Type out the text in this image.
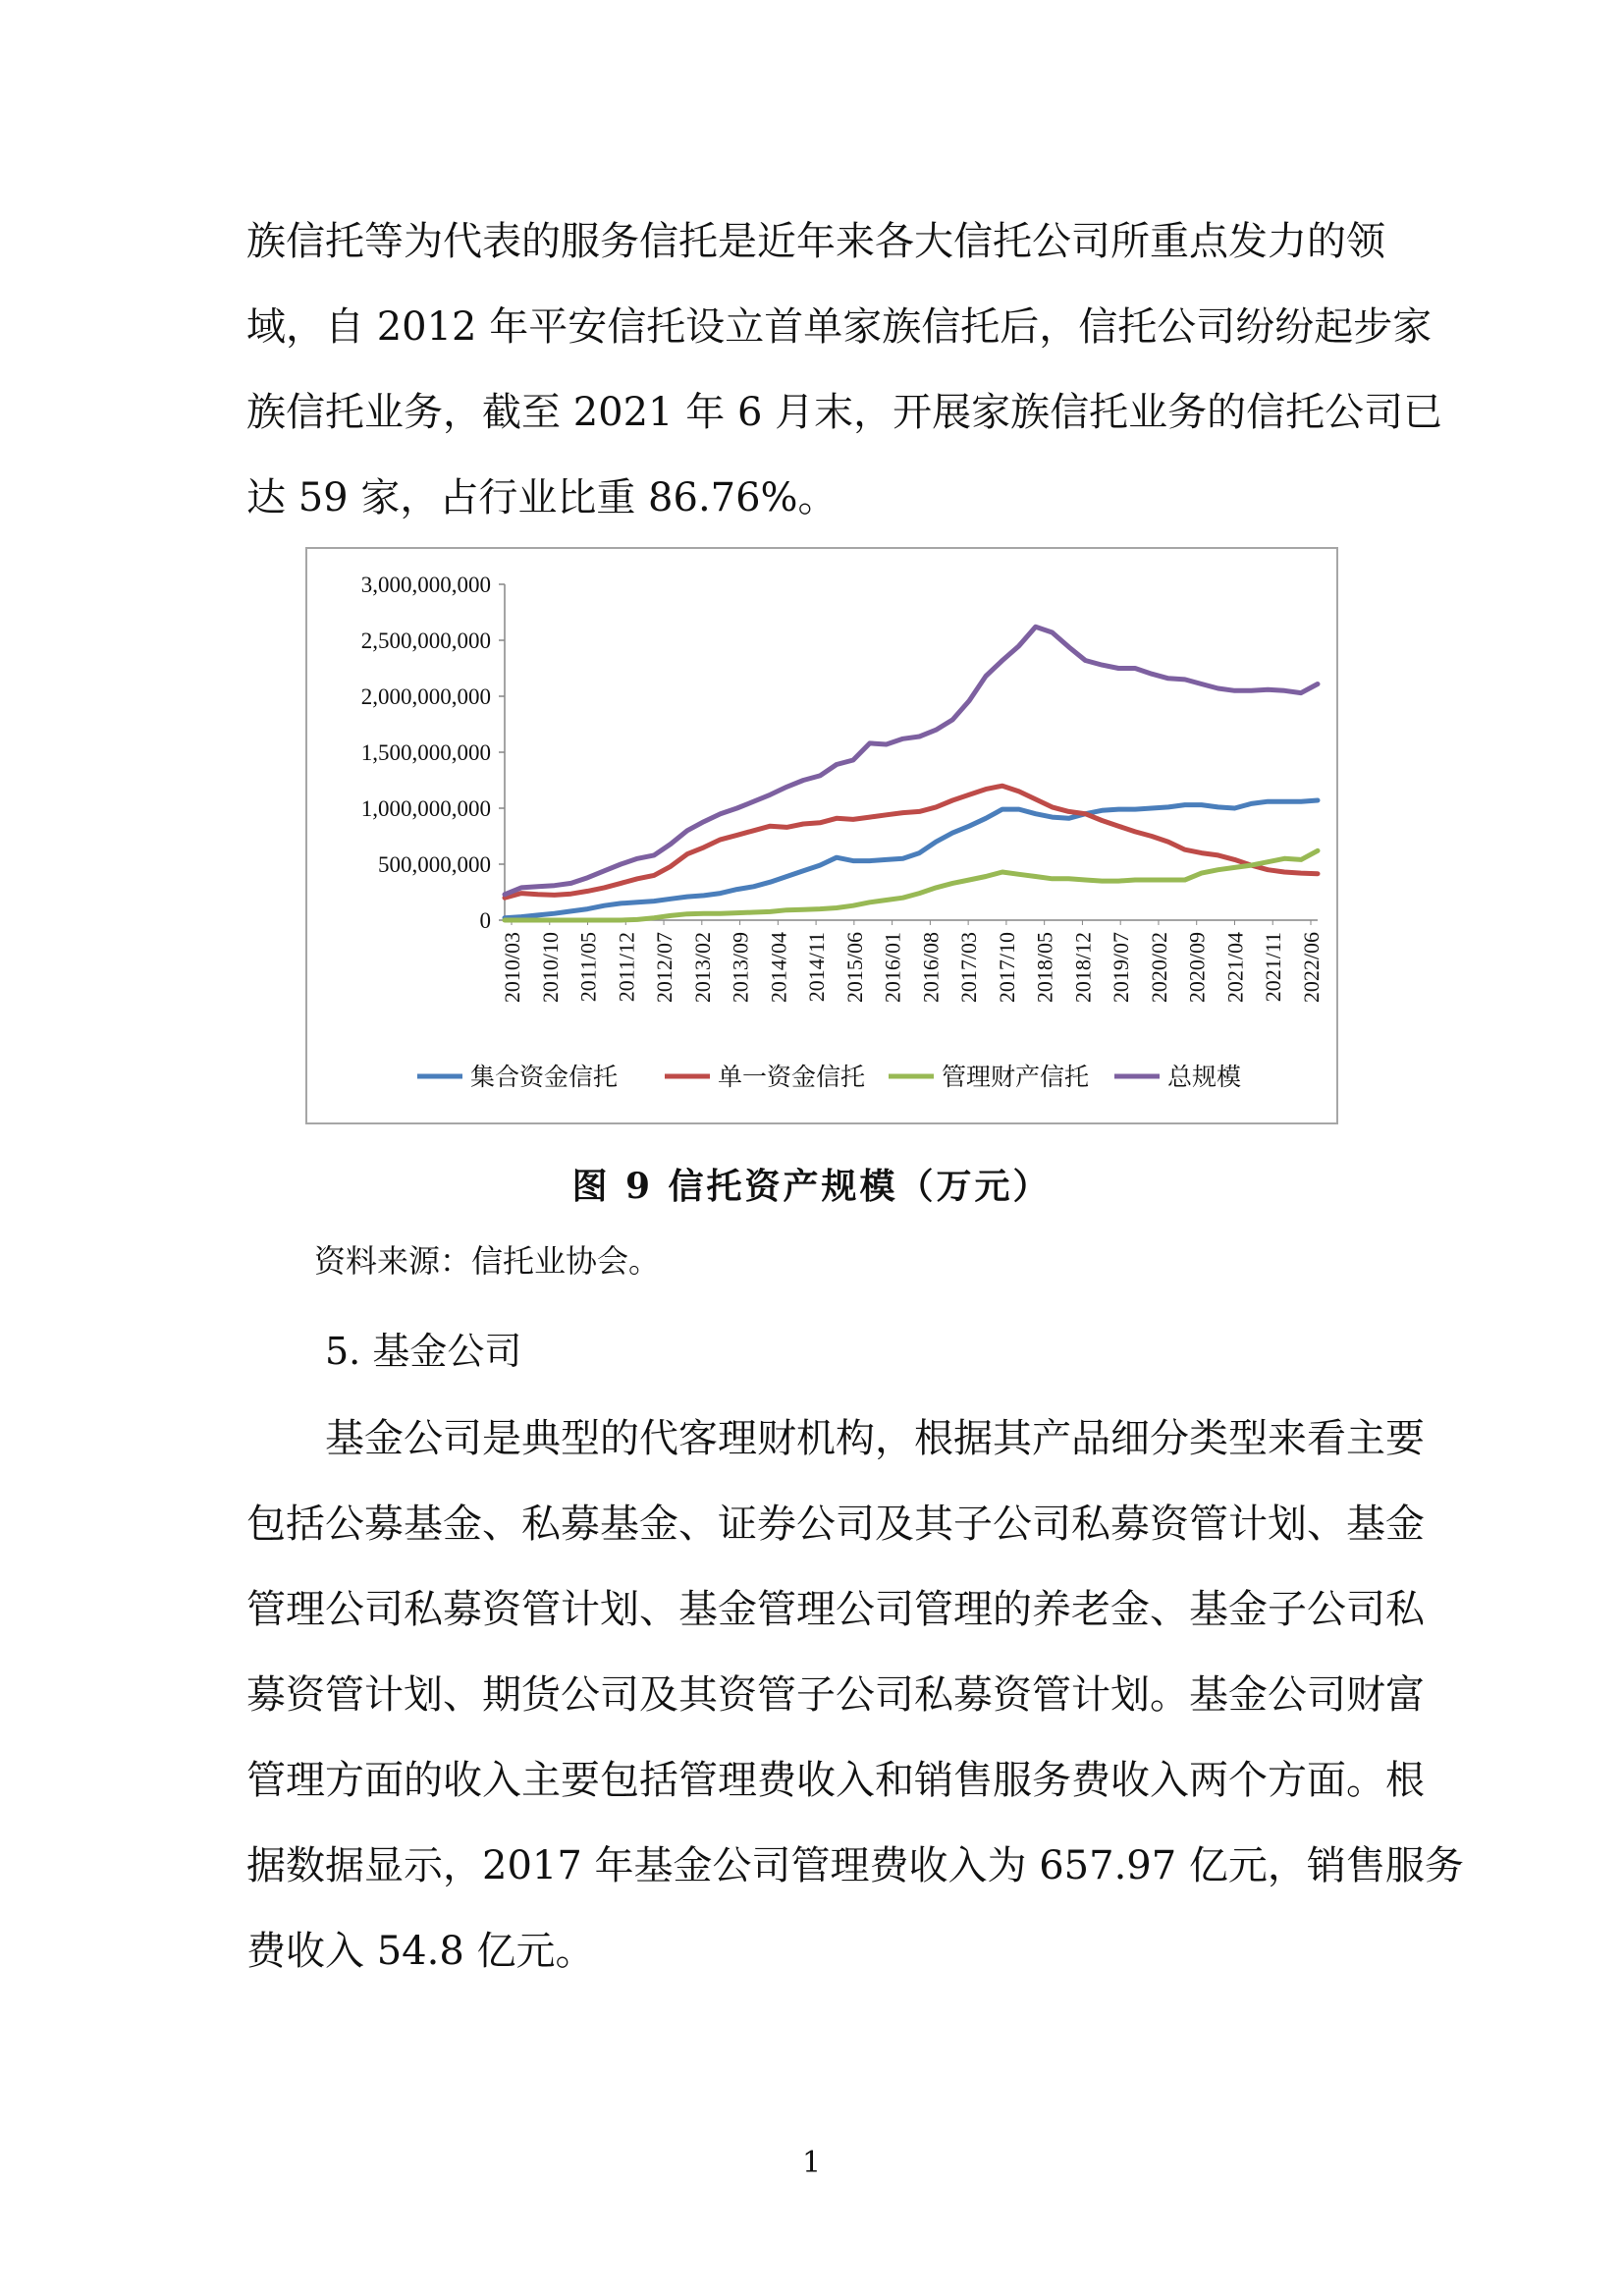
族信托等为代表的服务信托是近年来各大信托公司所重点发力的领
域，自 2012 年平安信托设立首单家族信托后，信托公司纷纷起步家
族信托业务，截至 2021 年 6 月末，开展家族信托业务的信托公司已
达 59 家，占行业比重 86.76%。
0
500,000,000
1,000,000,000
1,500,000,000
2,000,000,000
2,500,000,000
3,000,000,000
2010/03 2010/10 2011/05 2011/12 2012/07 2013/02 2013/09 2014/04 2014/11 2015/06 2016/01 2016/08 2017/03 2017/10 2018/05 2018/12 2019/07 2020/02 2020/09 2021/04 2021/11 2022/06
集合资金信托	单一资金信托	管理财产信托	总规模
图 9 信托资产规模（万元）
资料来源：信托业协会。
5. 基金公司
基金公司是典型的代客理财机构，根据其产品细分类型来看主要
包括公募基金、私募基金、证券公司及其子公司私募资管计划、基金
管理公司私募资管计划、基金管理公司管理的养老金、基金子公司私
募资管计划、期货公司及其资管子公司私募资管计划。基金公司财富
管理方面的收入主要包括管理费收入和销售服务费收入两个方面。根
据数据显示，2017 年基金公司管理费收入为 657.97 亿元，销售服务
费收入 54.8 亿元。
1
